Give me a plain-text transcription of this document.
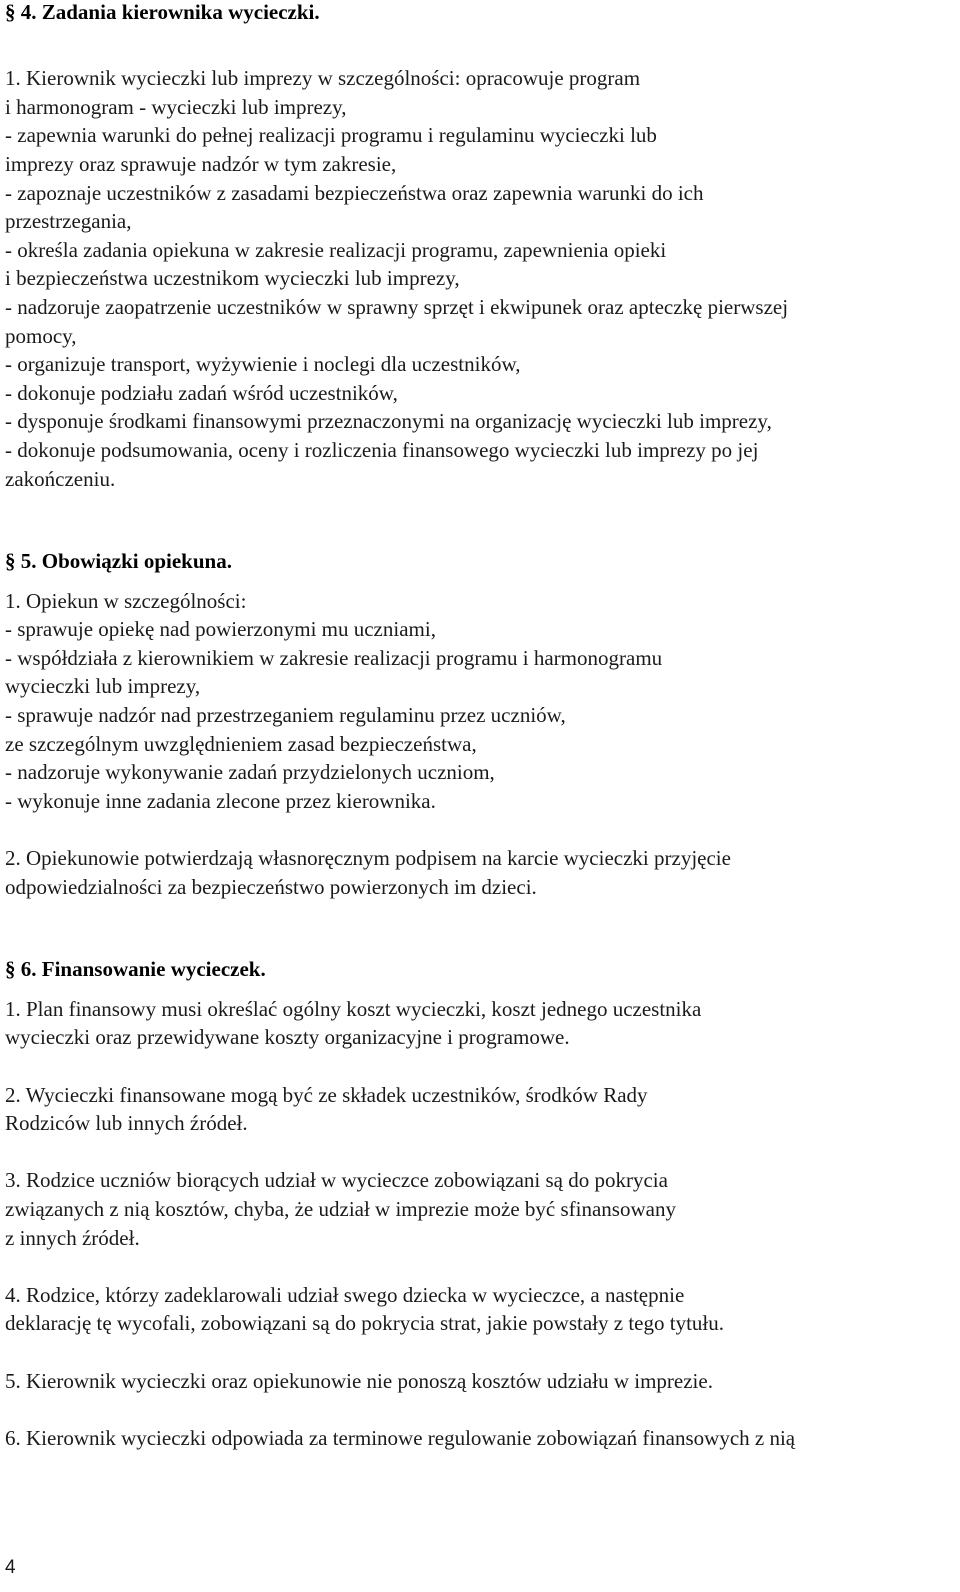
§ 4. Zadania kierownika wycieczki.

1. Kierownik wycieczki lub imprezy w szczególności: opracowuje program

i harmonogram - wycieczki lub imprezy,

- zapewnia warunki do pełnej realizacji programu i regulaminu wycieczki lub

imprezy oraz sprawuje nadzór w tym zakresie,

- zapoznaje uczestników z zasadami bezpieczeństwa oraz zapewnia warunki do ich

przestrzegania,

- określa zadania opiekuna w zakresie realizacji programu, zapewnienia opieki

i bezpieczeństwa uczestnikom wycieczki lub imprezy,

- nadzoruje zaopatrzenie uczestników w sprawny sprzęt i ekwipunek oraz apteczkę pierwszej

pomocy,

- organizuje transport, wyżywienie i noclegi dla uczestników,

- dokonuje podziału zadań wśród uczestników,

- dysponuje środkami finansowymi przeznaczonymi na organizację wycieczki lub imprezy,

- dokonuje podsumowania, oceny i rozliczenia finansowego wycieczki lub imprezy po jej

zakończeniu.

§ 5. Obowiązki opiekuna.

1. Opiekun w szczególności:

- sprawuje opiekę nad powierzonymi mu uczniami,

- współdziała z kierownikiem w zakresie realizacji programu i harmonogramu

wycieczki lub imprezy,

- sprawuje nadzór nad przestrzeganiem regulaminu przez uczniów,

ze szczególnym uwzględnieniem zasad bezpieczeństwa,

- nadzoruje wykonywanie zadań przydzielonych uczniom,

- wykonuje inne zadania zlecone przez kierownika.

2. Opiekunowie potwierdzają własnoręcznym podpisem na karcie wycieczki przyjęcie

odpowiedzialności za bezpieczeństwo powierzonych im dzieci.

§ 6. Finansowanie wycieczek.

1. Plan finansowy musi określać ogólny koszt wycieczki, koszt jednego uczestnika

wycieczki oraz przewidywane koszty organizacyjne i programowe.

2. Wycieczki finansowane mogą być ze składek uczestników, środków Rady

Rodziców lub innych źródeł.

3. Rodzice uczniów biorących udział w wycieczce zobowiązani są do pokrycia

związanych z nią kosztów, chyba, że udział w imprezie może być sfinansowany

z innych źródeł.

4. Rodzice, którzy zadeklarowali udział swego dziecka w wycieczce, a następnie

deklarację tę wycofali, zobowiązani są do pokrycia strat, jakie powstały z tego tytułu.

5. Kierownik wycieczki oraz opiekunowie nie ponoszą kosztów udziału w imprezie.

6. Kierownik wycieczki odpowiada za terminowe regulowanie zobowiązań finansowych z nią

4
